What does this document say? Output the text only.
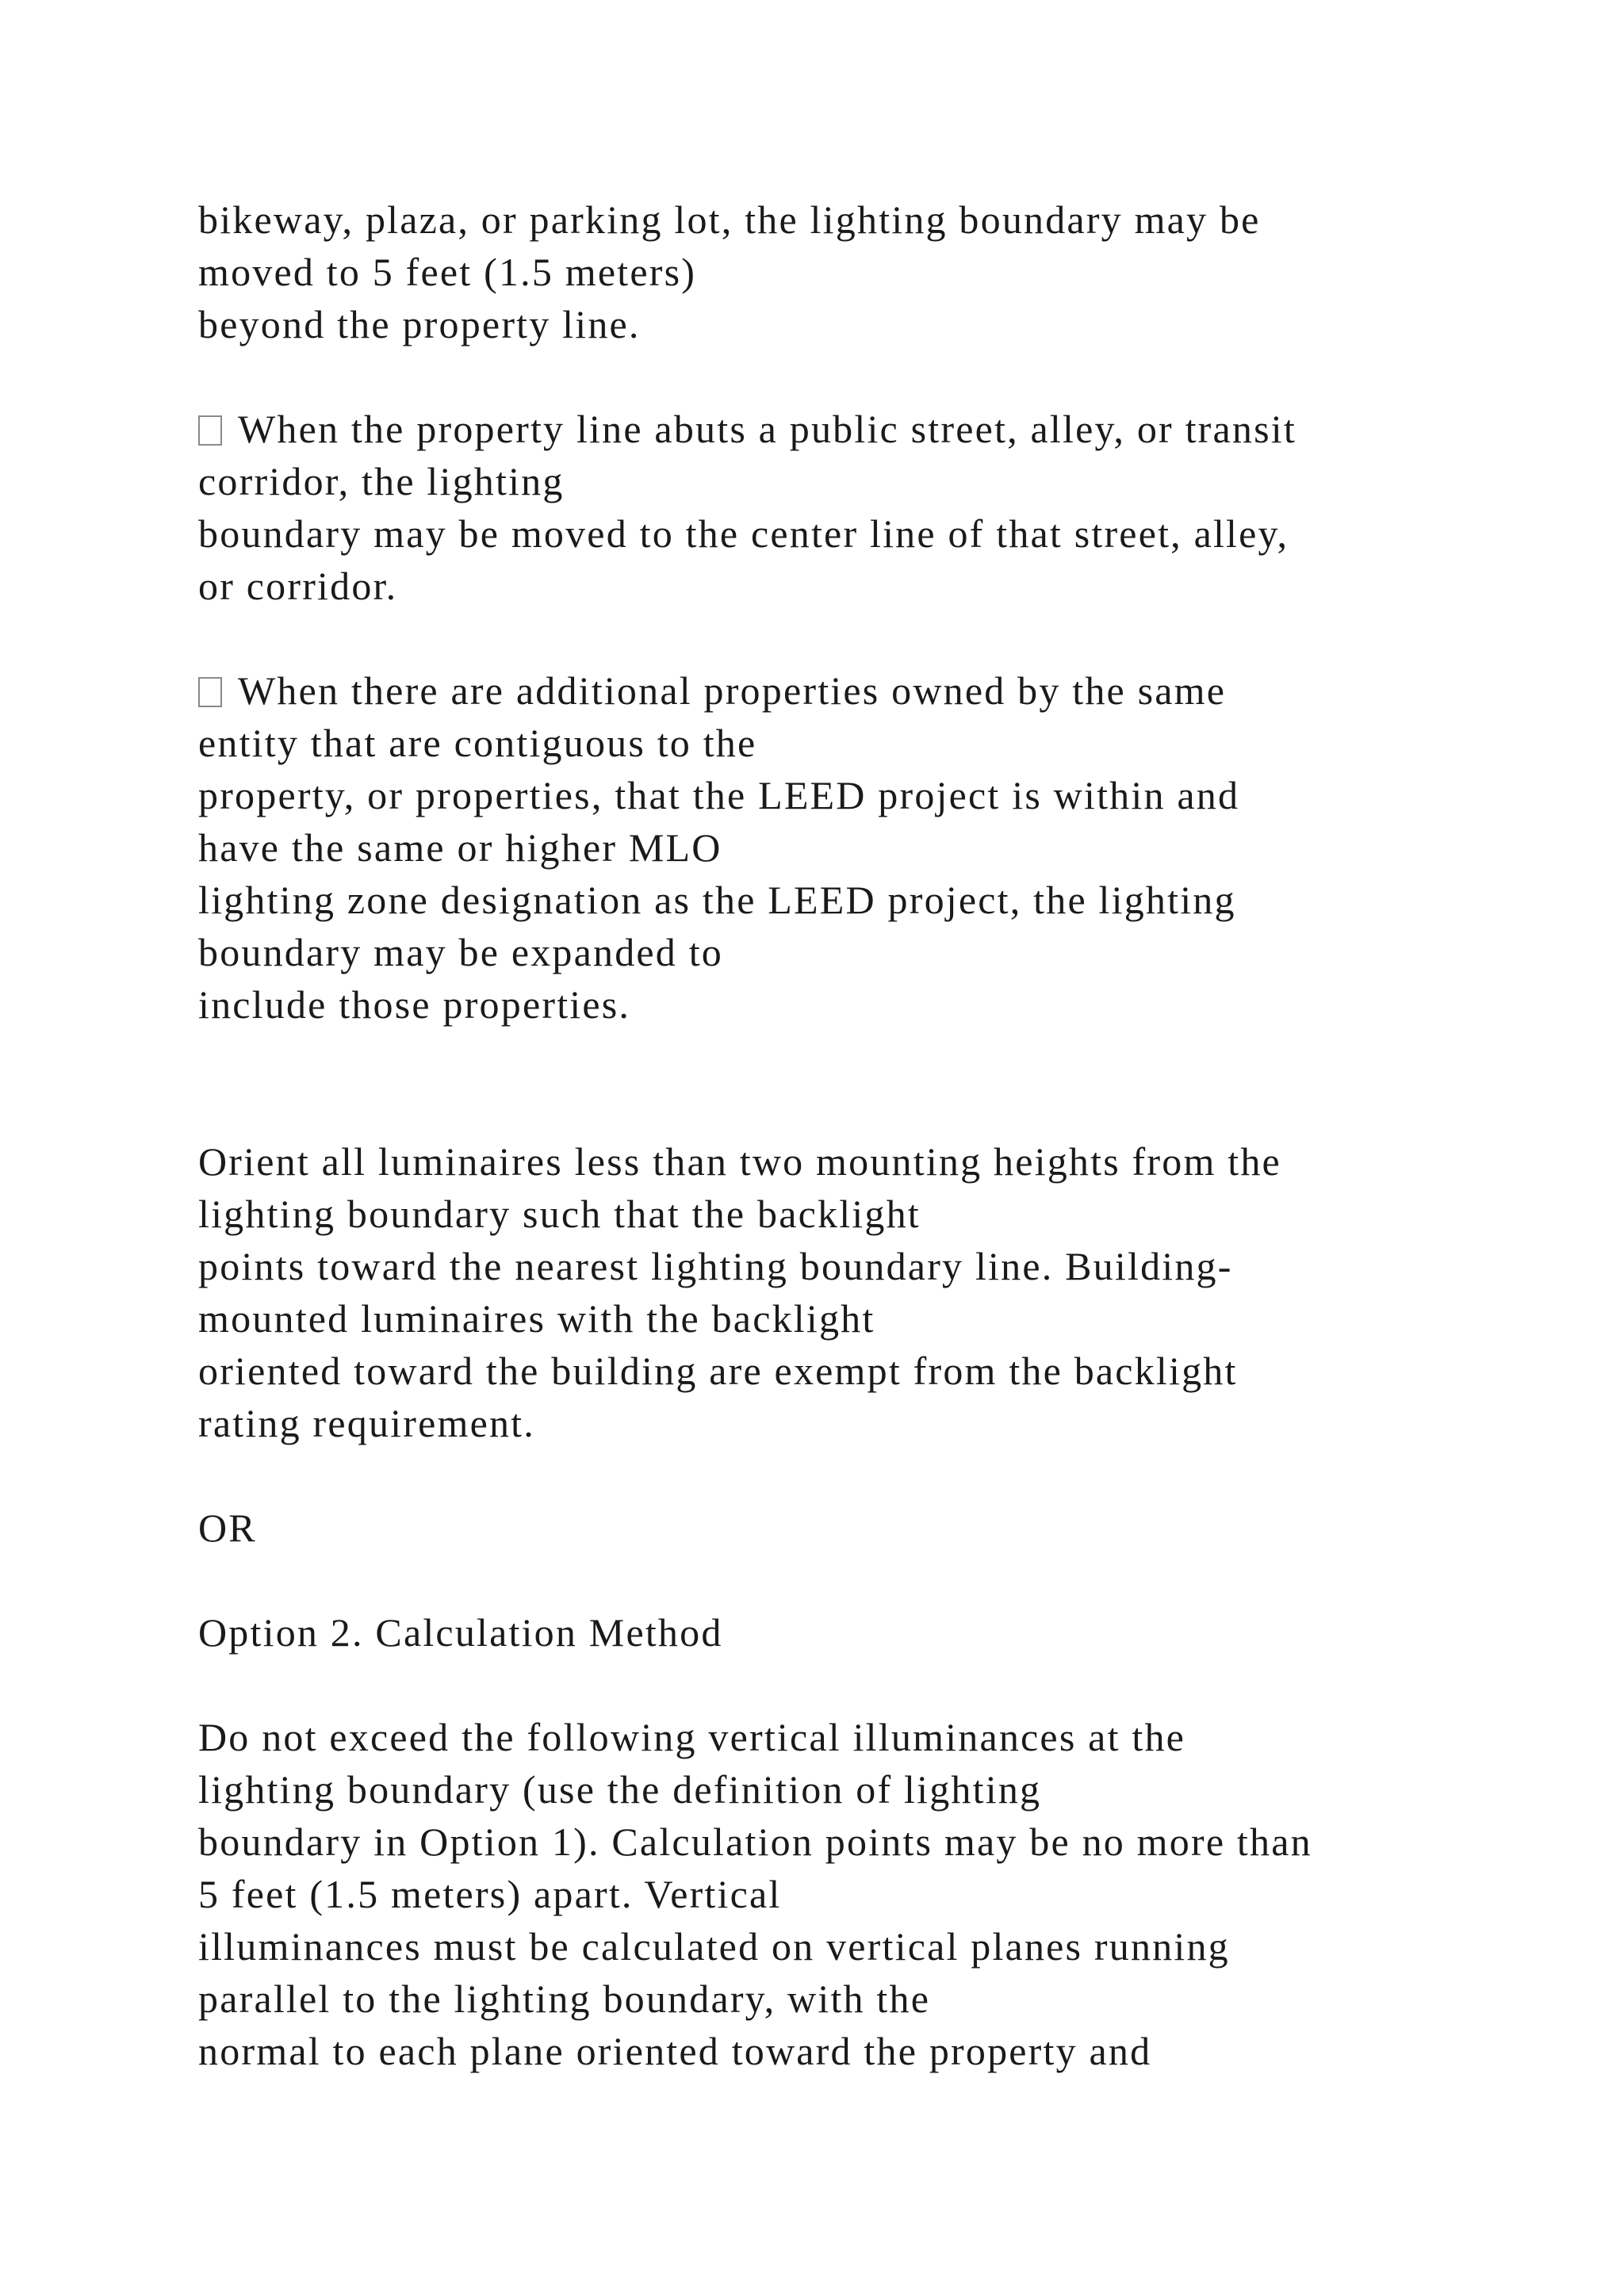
bikeway, plaza, or parking lot, the lighting boundary may be
moved to 5 feet (1.5 meters)
beyond the property line.
When the property line abuts a public street, alley, or transit
corridor, the lighting
boundary may be moved to the center line of that street, alley,
or corridor.
When there are additional properties owned by the same
entity that are contiguous to the
property, or properties, that the LEED project is within and
have the same or higher MLO
lighting zone designation as the LEED project, the lighting
boundary may be expanded to
include those properties.
Orient all luminaires less than two mounting heights from the
lighting boundary such that the backlight
points toward the nearest lighting boundary line. Building-
mounted luminaires with the backlight
oriented toward the building are exempt from the backlight
rating requirement.
OR
Option 2. Calculation Method
Do not exceed the following vertical illuminances at the
lighting boundary (use the definition of lighting
boundary in Option 1). Calculation points may be no more than
5 feet (1.5 meters) apart. Vertical
illuminances must be calculated on vertical planes running
parallel to the lighting boundary, with the
normal to each plane oriented toward the property and
